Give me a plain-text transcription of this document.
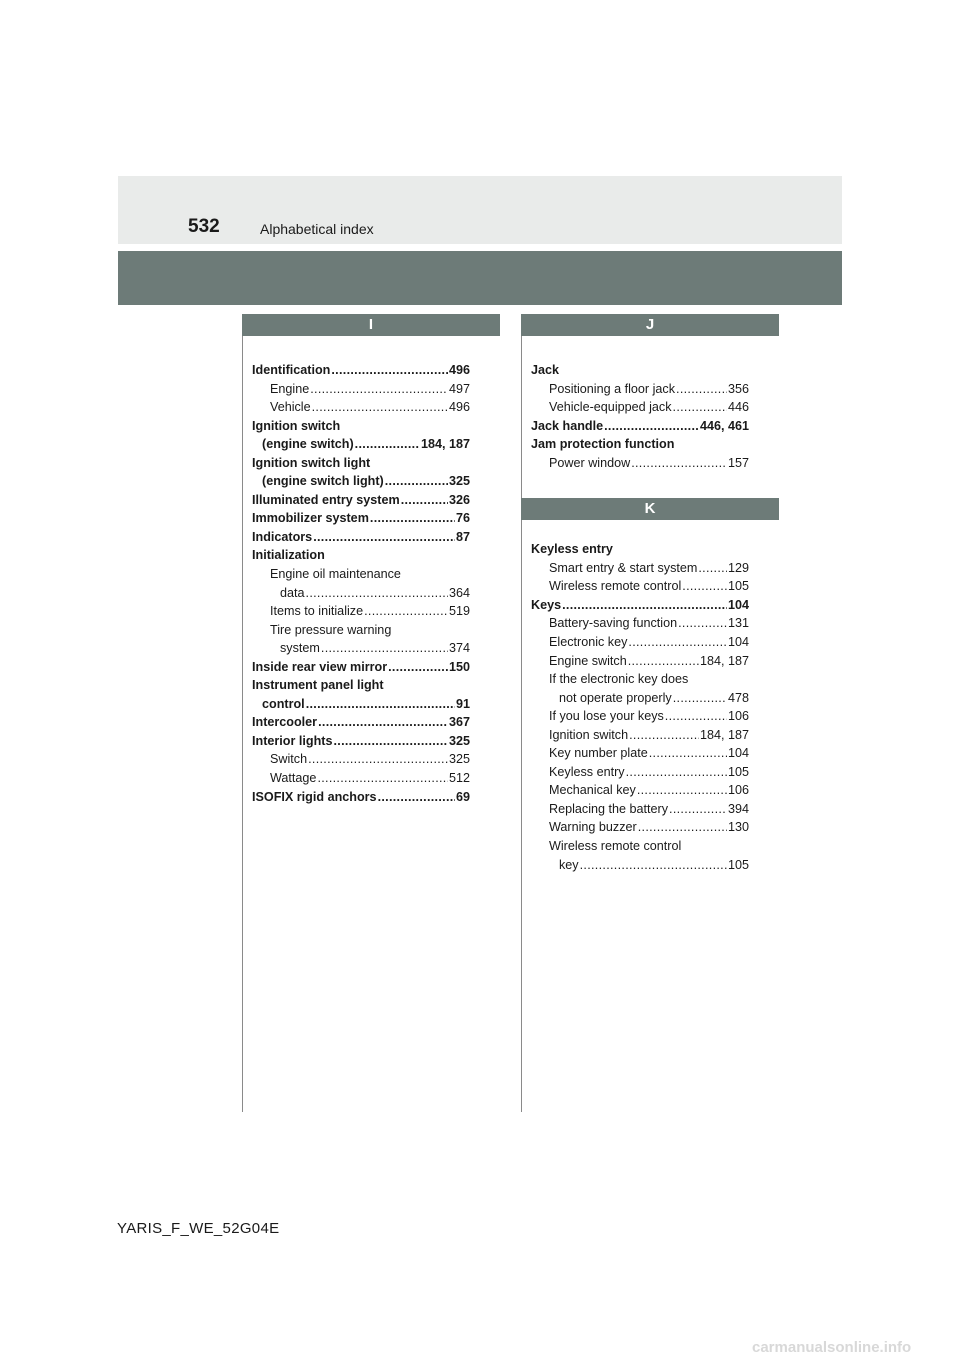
532	Alphabetical index
I
Identification .....	496
Engine .....	497
Vehicle .....	496
Ignition switch
(engine switch) .....	184, 187
Ignition switch light
(engine switch light) .....	325
Illuminated entry system .....	326
Immobilizer system .....	76
Indicators .....	87
Initialization
Engine oil maintenance
data .....	364
Items to initialize .....	519
Tire pressure warning
system .....	374
Inside rear view mirror .....	150
Instrument panel light
control .....	91
Intercooler .....	367
Interior lights .....	325
Switch .....	325
Wattage .....	512
ISOFIX rigid anchors .....	69
J
Jack
Positioning a floor jack .....	356
Vehicle-equipped jack .....	446
Jack handle .....	446, 461
Jam protection function
Power window .....	157
K
Keyless entry
Smart entry & start system ..... 129
Wireless remote control .....	105
Keys .....	104
Battery-saving function .....	131
Electronic key .....	104
Engine switch .....	184, 187
If the electronic key does
not operate properly .....	478
If you lose your keys .....	106
Ignition switch .....	184, 187
Key number plate .....	104
Keyless entry .....	105
Mechanical key .....	106
Replacing the battery .....	394
Warning buzzer .....	130
Wireless remote control
key .....	105
YARIS_F_WE_52G04E
carmanualsonline.info
